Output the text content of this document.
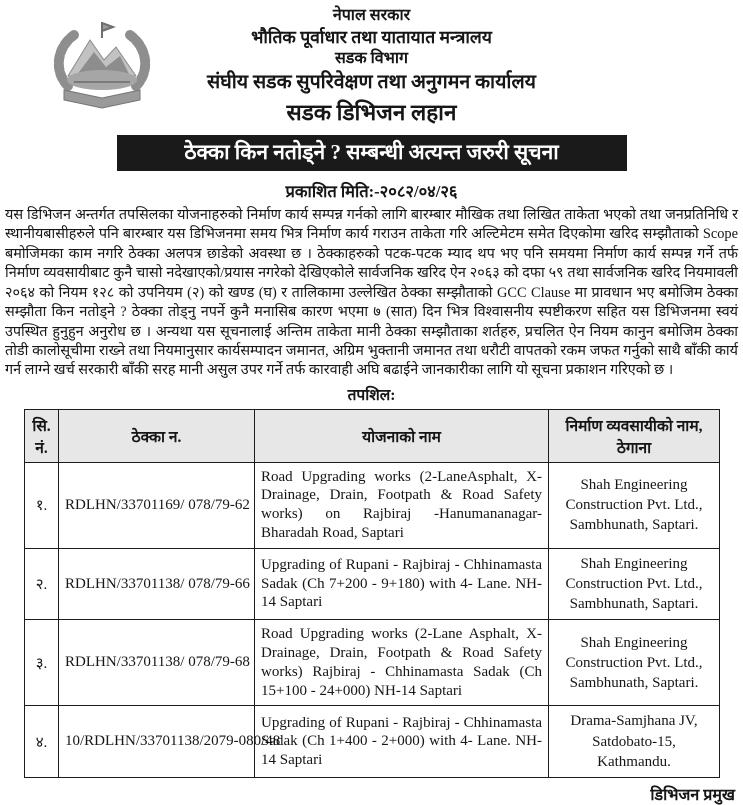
नेपाल सरकार
भौतिक पूर्वाधार तथा यातायात मन्त्रालय
सडक विभाग
संघीय सडक सुपरिवेक्षण तथा अनुगमन कार्यालय
सडक डिभिजन लहान
ठेक्का किन नतोड्ने ? सम्बन्धी अत्यन्त जरुरी सूचना
प्रकाशित मिति:-२०८२/०४/२६
यस डिभिजन अन्तर्गत तपसिलका योजनाहरुको निर्माण कार्य सम्पन्न गर्नको लागि बारम्बार मौखिक तथा लिखित ताकेता भएको तथा जनप्रतिनिधि र स्थानीयबासीहरुले पनि बारम्बार यस डिभिजनमा समय भित्र निर्माण कार्य गराउन ताकेता गरि अल्टिमेटम समेत दिएकोमा खरिद सम्झौताको Scope बमोजिमका काम नगरि ठेक्का अलपत्र छाडेको अवस्था छ । ठेक्काहरुको पटक-पटक म्याद थप भए पनि समयमा निर्माण कार्य सम्पन्न गर्ने तर्फ निर्माण व्यवसायीबाट कुनै चासो नदेखाएको/प्रयास नगरेको देखिएकोले सार्वजनिक खरिद ऐन २०६३ को दफा ५९ तथा सार्वजनिक खरिद नियमावली २०६४ को नियम १२८ को उपनियम (२) को खण्ड (घ) र तालिकामा उल्लेखित ठेक्का सम्झौताको GCC Clause मा प्रावधान भए बमोजिम ठेक्का सम्झौता किन नतोड्ने ? ठेक्का तोड्नु नपर्ने कुनै मनासिब कारण भएमा ७ (सात) दिन भित्र विश्वासनीय स्पष्टीकरण सहित यस डिभिजनमा स्वयं उपस्थित हुनुहुन अनुरोध छ । अन्यथा यस सूचनालाई अन्तिम ताकेता मानी ठेक्का सम्झौताका शर्तहरु, प्रचलित ऐन नियम कानुन बमोजिम ठेक्का तोडी कालोसूचीमा राख्ने तथा नियमानुसार कार्यसम्पादन जमानत, अग्रिम भुक्तानी जमानत तथा धरौटी वापतको रकम जफत गर्नुको साथै बाँकी कार्य गर्न लाग्ने खर्च सरकारी बाँकी सरह मानी असुल उपर गर्ने तर्फ कारवाही अघि बढाईने जानकारीका लागि यो सूचना प्रकाशन गरिएको छ ।
तपशिल:
सि. नं.	ठेक्का न.	योजनाको नाम	निर्माण व्यवसायीको नाम, ठेगाना
१.	RDLHN/33701169/ 078/79-62	Road Upgrading works (2-LaneAsphalt, X- Drainage, Drain, Footpath & Road Safety works) on Rajbiraj -Hanumananagar- Bharadah Road, Saptari	Shah Engineering Construction Pvt. Ltd., Sambhunath, Saptari.
२.	RDLHN/33701138/ 078/79-66	Upgrading of Rupani - Rajbiraj - Chhinamasta Sadak (Ch 7+200 - 9+180) with 4- Lane. NH-14 Saptari	Shah Engineering Construction Pvt. Ltd., Sambhunath, Saptari.
३.	RDLHN/33701138/ 078/79-68	Road Upgrading works (2-Lane Asphalt, X-Drainage, Drain, Footpath & Road Safety works) Rajbiraj - Chhinamasta Sadak (Ch 15+100 - 24+000) NH-14 Saptari	Shah Engineering Construction Pvt. Ltd., Sambhunath, Saptari.
४.	10/RDLHN/33701138/2079-080/48	Upgrading of Rupani - Rajbiraj - Chhinamasta Sadak (Ch 1+400 - 2+000) with 4- Lane. NH-14 Saptari	Drama-Samjhana JV, Satdobato-15, Kathmandu.
डिभिजन प्रमुख
